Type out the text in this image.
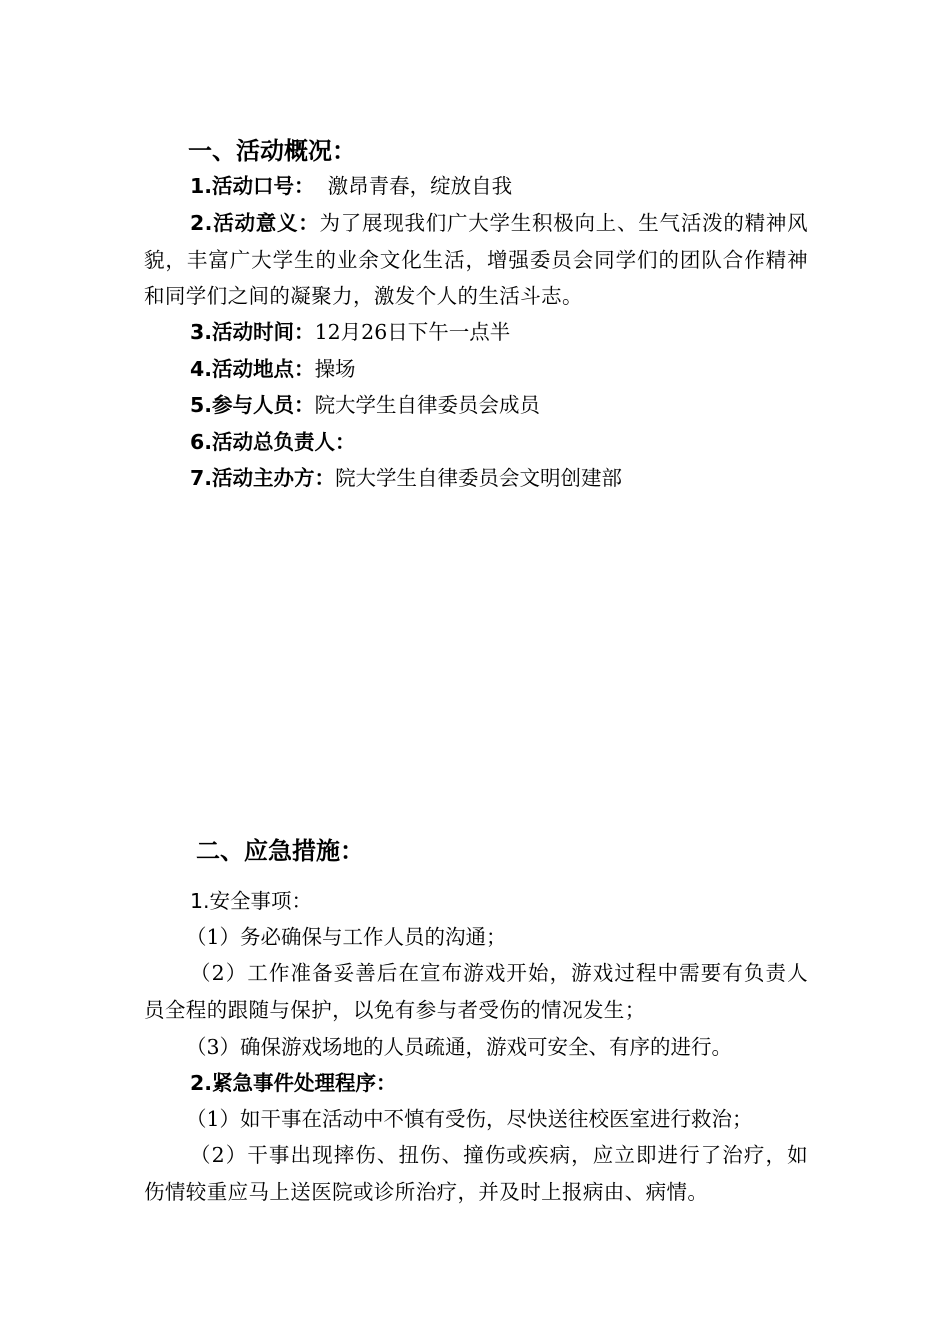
一、活动概况：
1.活动口号：  激昂青春，绽放自我
2.活动意义：为了展现我们广大学生积极向上、生气活泼的精神风貌，丰富广大学生的业余文化生活，增强委员会同学们的团队合作精神和同学们之间的凝聚力，激发个人的生活斗志。
3.活动时间：12月26日下午一点半
4.活动地点：操场
5.参与人员：院大学生自律委员会成员
6.活动总负责人：
7.活动主办方：院大学生自律委员会文明创建部
二、应急措施：
1.安全事项：
（1）务必确保与工作人员的沟通；
（2）工作准备妥善后在宣布游戏开始，游戏过程中需要有负责人员全程的跟随与保护，以免有参与者受伤的情况发生；
（3）确保游戏场地的人员疏通，游戏可安全、有序的进行。
2.紧急事件处理程序：
（1）如干事在活动中不慎有受伤，尽快送往校医室进行救治；
（2）干事出现摔伤、扭伤、撞伤或疾病，应立即进行了治疗，如伤情较重应马上送医院或诊所治疗，并及时上报病由、病情。
